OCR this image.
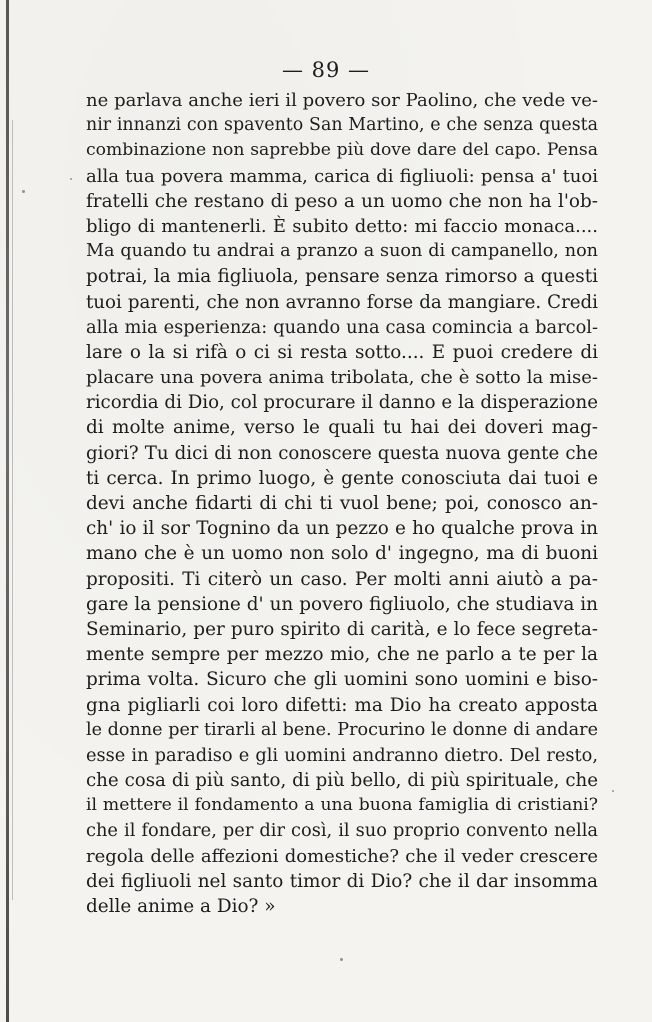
— 89 —
ne parlava anche ieri il povero sor Paolino, che vede ve-
nir innanzi con spavento San Martino, e che senza questa
combinazione non saprebbe più dove dare del capo. Pensa
alla tua povera mamma, carica di figliuoli: pensa a' tuoi
fratelli che restano di peso a un uomo che non ha l'ob-
bligo di mantenerli. È subito detto: mi faccio monaca....
Ma quando tu andrai a pranzo a suon di campanello, non
potrai, la mia figliuola, pensare senza rimorso a questi
tuoi parenti, che non avranno forse da mangiare. Credi
alla mia esperienza: quando una casa comincia a barcol-
lare o la si rifà o ci si resta sotto.... E puoi credere di
placare una povera anima tribolata, che è sotto la mise-
ricordia di Dio, col procurare il danno e la disperazione
di molte anime, verso le quali tu hai dei doveri mag-
giori? Tu dici di non conoscere questa nuova gente che
ti cerca. In primo luogo, è gente conosciuta dai tuoi e
devi anche fidarti di chi ti vuol bene; poi, conosco an-
ch' io il sor Tognino da un pezzo e ho qualche prova in
mano che è un uomo non solo d' ingegno, ma di buoni
propositi. Ti citerò un caso. Per molti anni aiutò a pa-
gare la pensione d' un povero figliuolo, che studiava in
Seminario, per puro spirito di carità, e lo fece segreta-
mente sempre per mezzo mio, che ne parlo a te per la
prima volta. Sicuro che gli uomini sono uomini e biso-
gna pigliarli coi loro difetti: ma Dio ha creato apposta
le donne per tirarli al bene. Procurino le donne di andare
esse in paradiso e gli uomini andranno dietro. Del resto,
che cosa di più santo, di più bello, di più spirituale, che
il mettere il fondamento a una buona famiglia di cristiani?
che il fondare, per dir così, il suo proprio convento nella
regola delle affezioni domestiche? che il veder crescere
dei figliuoli nel santo timor di Dio? che il dar insomma
delle anime a Dio? »
